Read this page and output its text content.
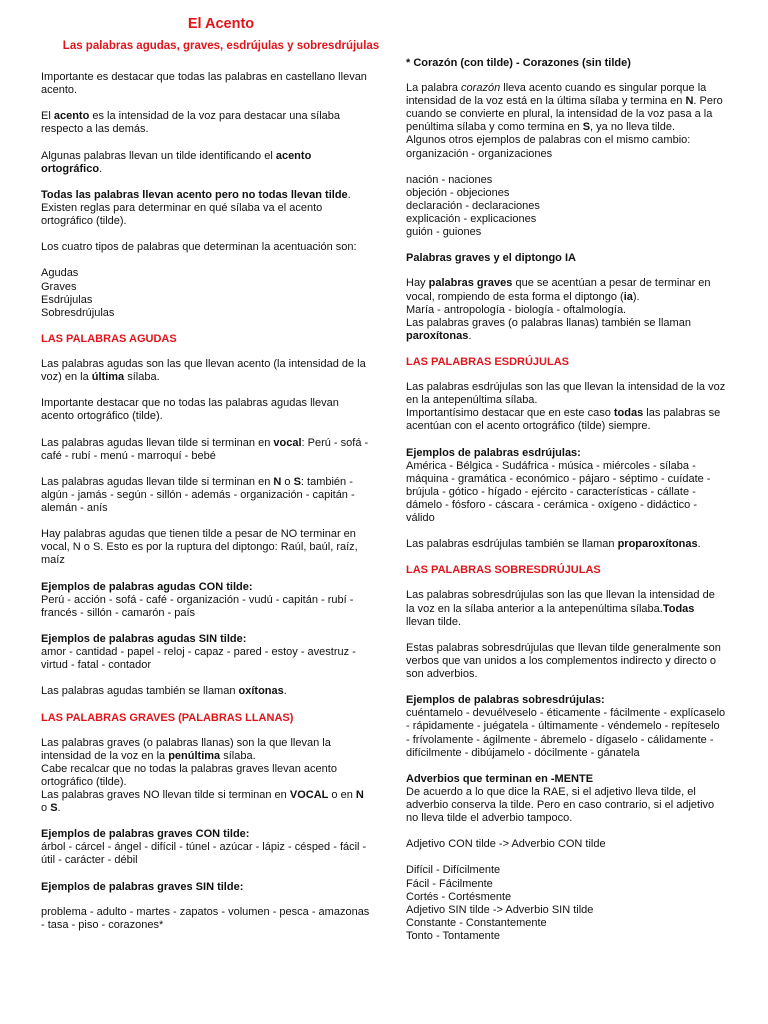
El Acento
Las palabras agudas, graves, esdrújulas y sobresdrújulas

Importante es destacar que todas las palabras en castellano llevan acento.

El acento es la intensidad de la voz para destacar una sílaba respecto a las demás.

Algunas palabras llevan un tilde identificando el acento ortográfico.

Todas las palabras llevan acento pero no todas llevan tilde. Existen reglas para determinar en qué sílaba va el acento ortográfico (tilde).

Los cuatro tipos de palabras que determinan la acentuación son:

Agudas
Graves
Esdrújulas
Sobresdrújulas

LAS PALABRAS AGUDAS

Las palabras agudas son las que llevan acento (la intensidad de la voz) en la última sílaba.

Importante destacar que no todas las palabras agudas llevan acento ortográfico (tilde).

Las palabras agudas llevan tilde si terminan en vocal: Perú - sofá - café - rubí - menú - marroquí - bebé

Las palabras agudas llevan tilde si terminan en N o S: también - algún - jamás - según - sillón - además - organización - capitán - alemán - anís

Hay palabras agudas que tienen tilde a pesar de NO terminar en vocal, N o S. Esto es por la ruptura del diptongo: Raúl, baúl, raíz, maíz

Ejemplos de palabras agudas CON tilde:

Perú - acción - sofá - café - organización - vudú - capitán - rubí - francés - sillón - camarón - país

Ejemplos de palabras agudas SIN tilde:

amor - cantidad - papel - reloj - capaz - pared - estoy - avestruz - virtud - fatal - contador

Las palabras agudas también se llaman oxítonas.

LAS PALABRAS GRAVES (PALABRAS LLANAS)

Las palabras graves (o palabras llanas) son la que llevan la intensidad de la voz en la penúltima sílaba.
Cabe recalcar que no todas la palabras graves llevan acento ortográfico (tilde).
Las palabras graves NO llevan tilde si terminan en VOCAL o en N o S.

Ejemplos de palabras graves CON tilde:

árbol - cárcel - ángel - difícil - túnel - azúcar - lápiz - césped - fácil - útil - carácter - débil

Ejemplos de palabras graves SIN tilde:

problema - adulto - martes - zapatos - volumen - pesca - amazonas - tasa - piso - corazones*

* Corazón (con tilde) - Corazones (sin tilde)

La palabra corazón lleva acento cuando es singular porque la intensidad de la voz está en la última sílaba y termina en N. Pero cuando se convierte en plural, la intensidad de la voz pasa a la penúltima sílaba y como termina en S, ya no lleva tilde.
Algunos otros ejemplos de palabras con el mismo cambio: organización - organizaciones

nación - naciones
objeción - objeciones
declaración - declaraciones
explicación - explicaciones
guión - guiones

Palabras graves y el diptongo IA

Hay palabras graves que se acentúan a pesar de terminar en vocal, rompiendo de esta forma el diptongo (ia).
María - antropología - biología - oftalmología.
Las palabras graves (o palabras llanas) también se llaman paroxítonas.

LAS PALABRAS ESDRÚJULAS

Las palabras esdrújulas son las que llevan la intensidad de la voz en la antepenúltima sílaba.
Importantísimo destacar que en este caso todas las palabras se acentúan con el acento ortográfico (tilde) siempre.

Ejemplos de palabras esdrújulas:

América - Bélgica - Sudáfrica - música - miércoles - sílaba - máquina - gramática - económico - pájaro - séptimo - cuídate - brújula - gótico - hígado - ejército - características - cállate - dámelo - fósforo - cáscara - cerámica - oxígeno - didáctico - válido

Las palabras esdrújulas también se llaman proparoxítonas.

LAS PALABRAS SOBRESDRÚJULAS

Las palabras sobresdrújulas son las que llevan la intensidad de la voz en la sílaba anterior a la antepenúltima sílaba.Todas llevan tilde.

Estas palabras sobresdrújulas que llevan tilde generalmente son verbos que van unidos a los complementos indirecto y directo o son adverbios.

Ejemplos de palabras sobresdrújulas:

cuéntamelo - devuélveselo - éticamente - fácilmente - explícaselo - rápidamente - juégatela - últimamente - véndemelo - repíteselo - frívolamente - ágilmente - ábremelo - dígaselo - cálidamente - difícilmente - dibújamelo - dócilmente - gánatela

Adverbios que terminan en -MENTE

De acuerdo a lo que dice la RAE, si el adjetivo lleva tilde, el adverbio conserva la tilde. Pero en caso contrario, si el adjetivo no lleva tilde el adverbio tampoco.

Adjetivo CON tilde -> Adverbio CON tilde

Difícil - Difícilmente
Fácil - Fácilmente
Cortés - Cortésmente
Adjetivo SIN tilde -> Adverbio SIN tilde
Constante - Constantemente
Tonto - Tontamente
